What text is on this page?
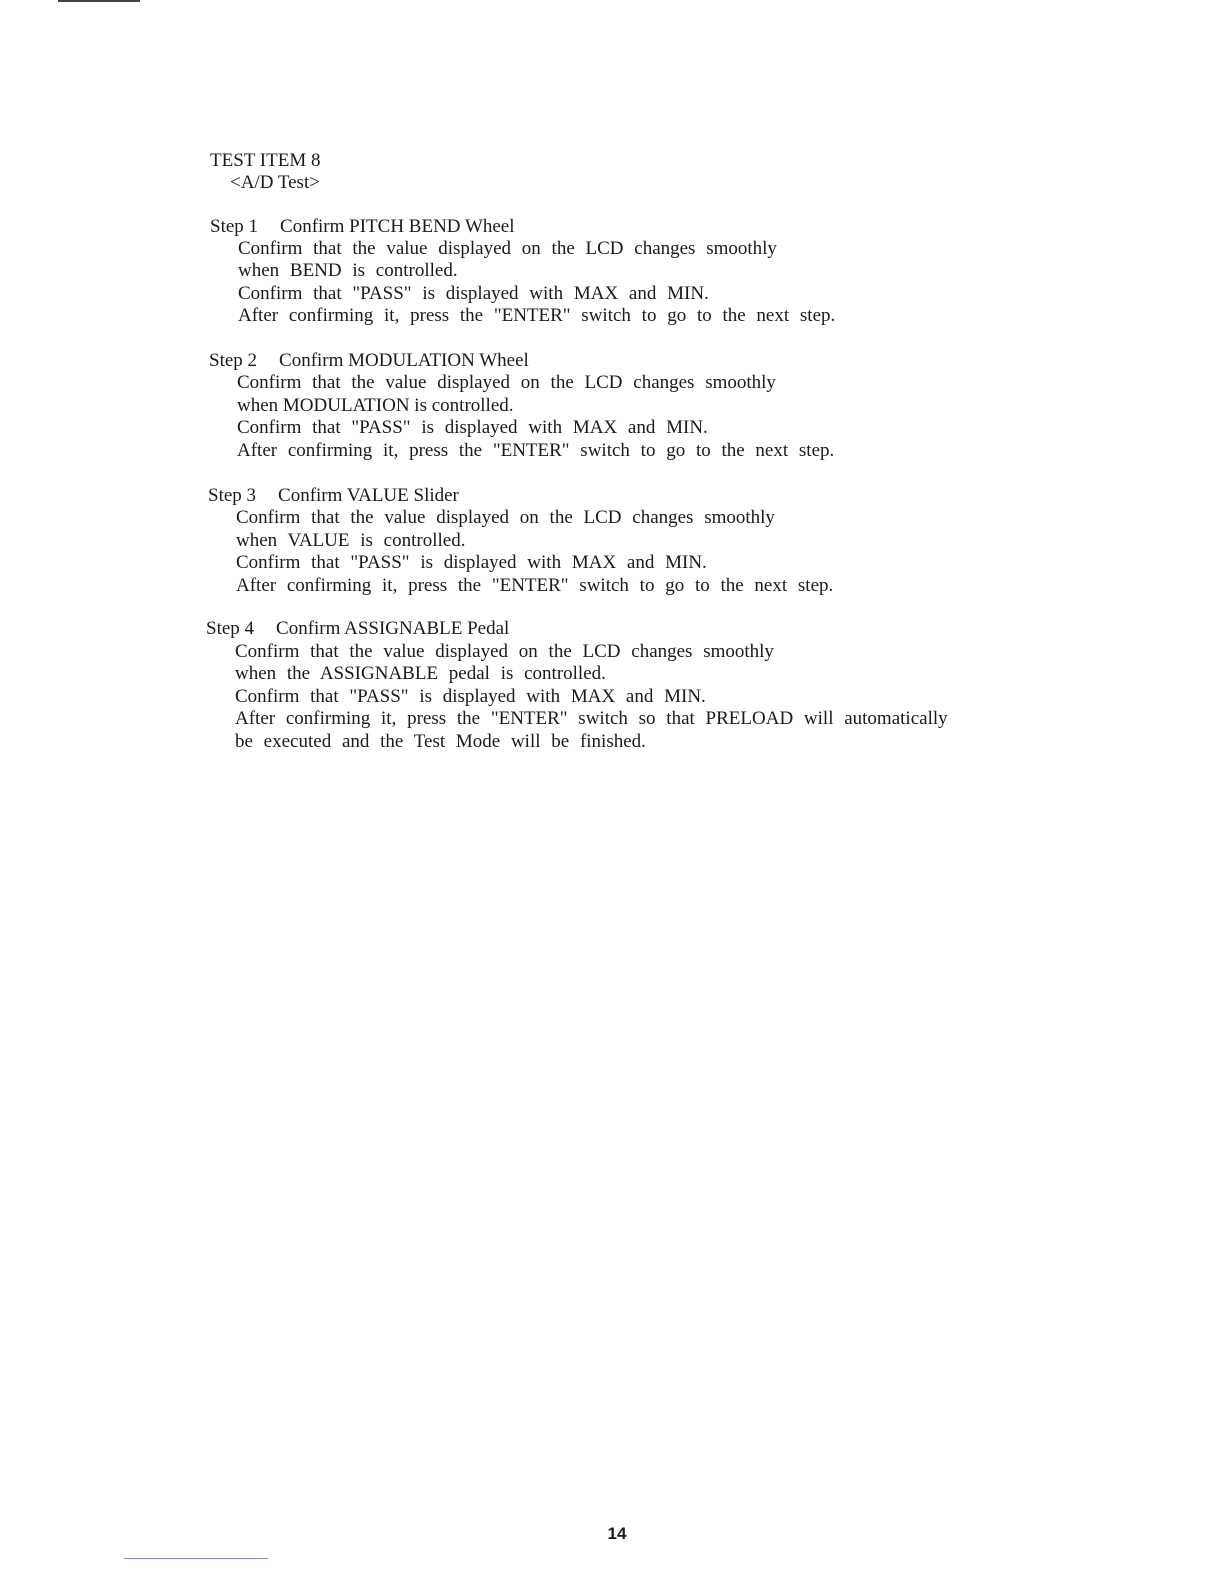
TEST ITEM 8
<A/D Test>
Step 1 Confirm PITCH BEND Wheel
Confirm that the value displayed on the LCD changes smoothly
when BEND is controlled.
Confirm that "PASS" is displayed with MAX and MIN.
After confirming it, press the "ENTER" switch to go to the next step.
Step 2 Confirm MODULATION Wheel
Confirm that the value displayed on the LCD changes smoothly
when MODULATION is controlled.
Confirm that "PASS" is displayed with MAX and MIN.
After confirming it, press the "ENTER" switch to go to the next step.
Step 3 Confirm VALUE Slider
Confirm that the value displayed on the LCD changes smoothly
when VALUE is controlled.
Confirm that "PASS" is displayed with MAX and MIN.
After confirming it, press the "ENTER" switch to go to the next step.
Step 4 Confirm ASSIGNABLE Pedal
Confirm that the value displayed on the LCD changes smoothly
when the ASSIGNABLE pedal is controlled.
Confirm that "PASS" is displayed with MAX and MIN.
After confirming it, press the "ENTER" switch so that PRELOAD will automatically
be executed and the Test Mode will be finished.
14
